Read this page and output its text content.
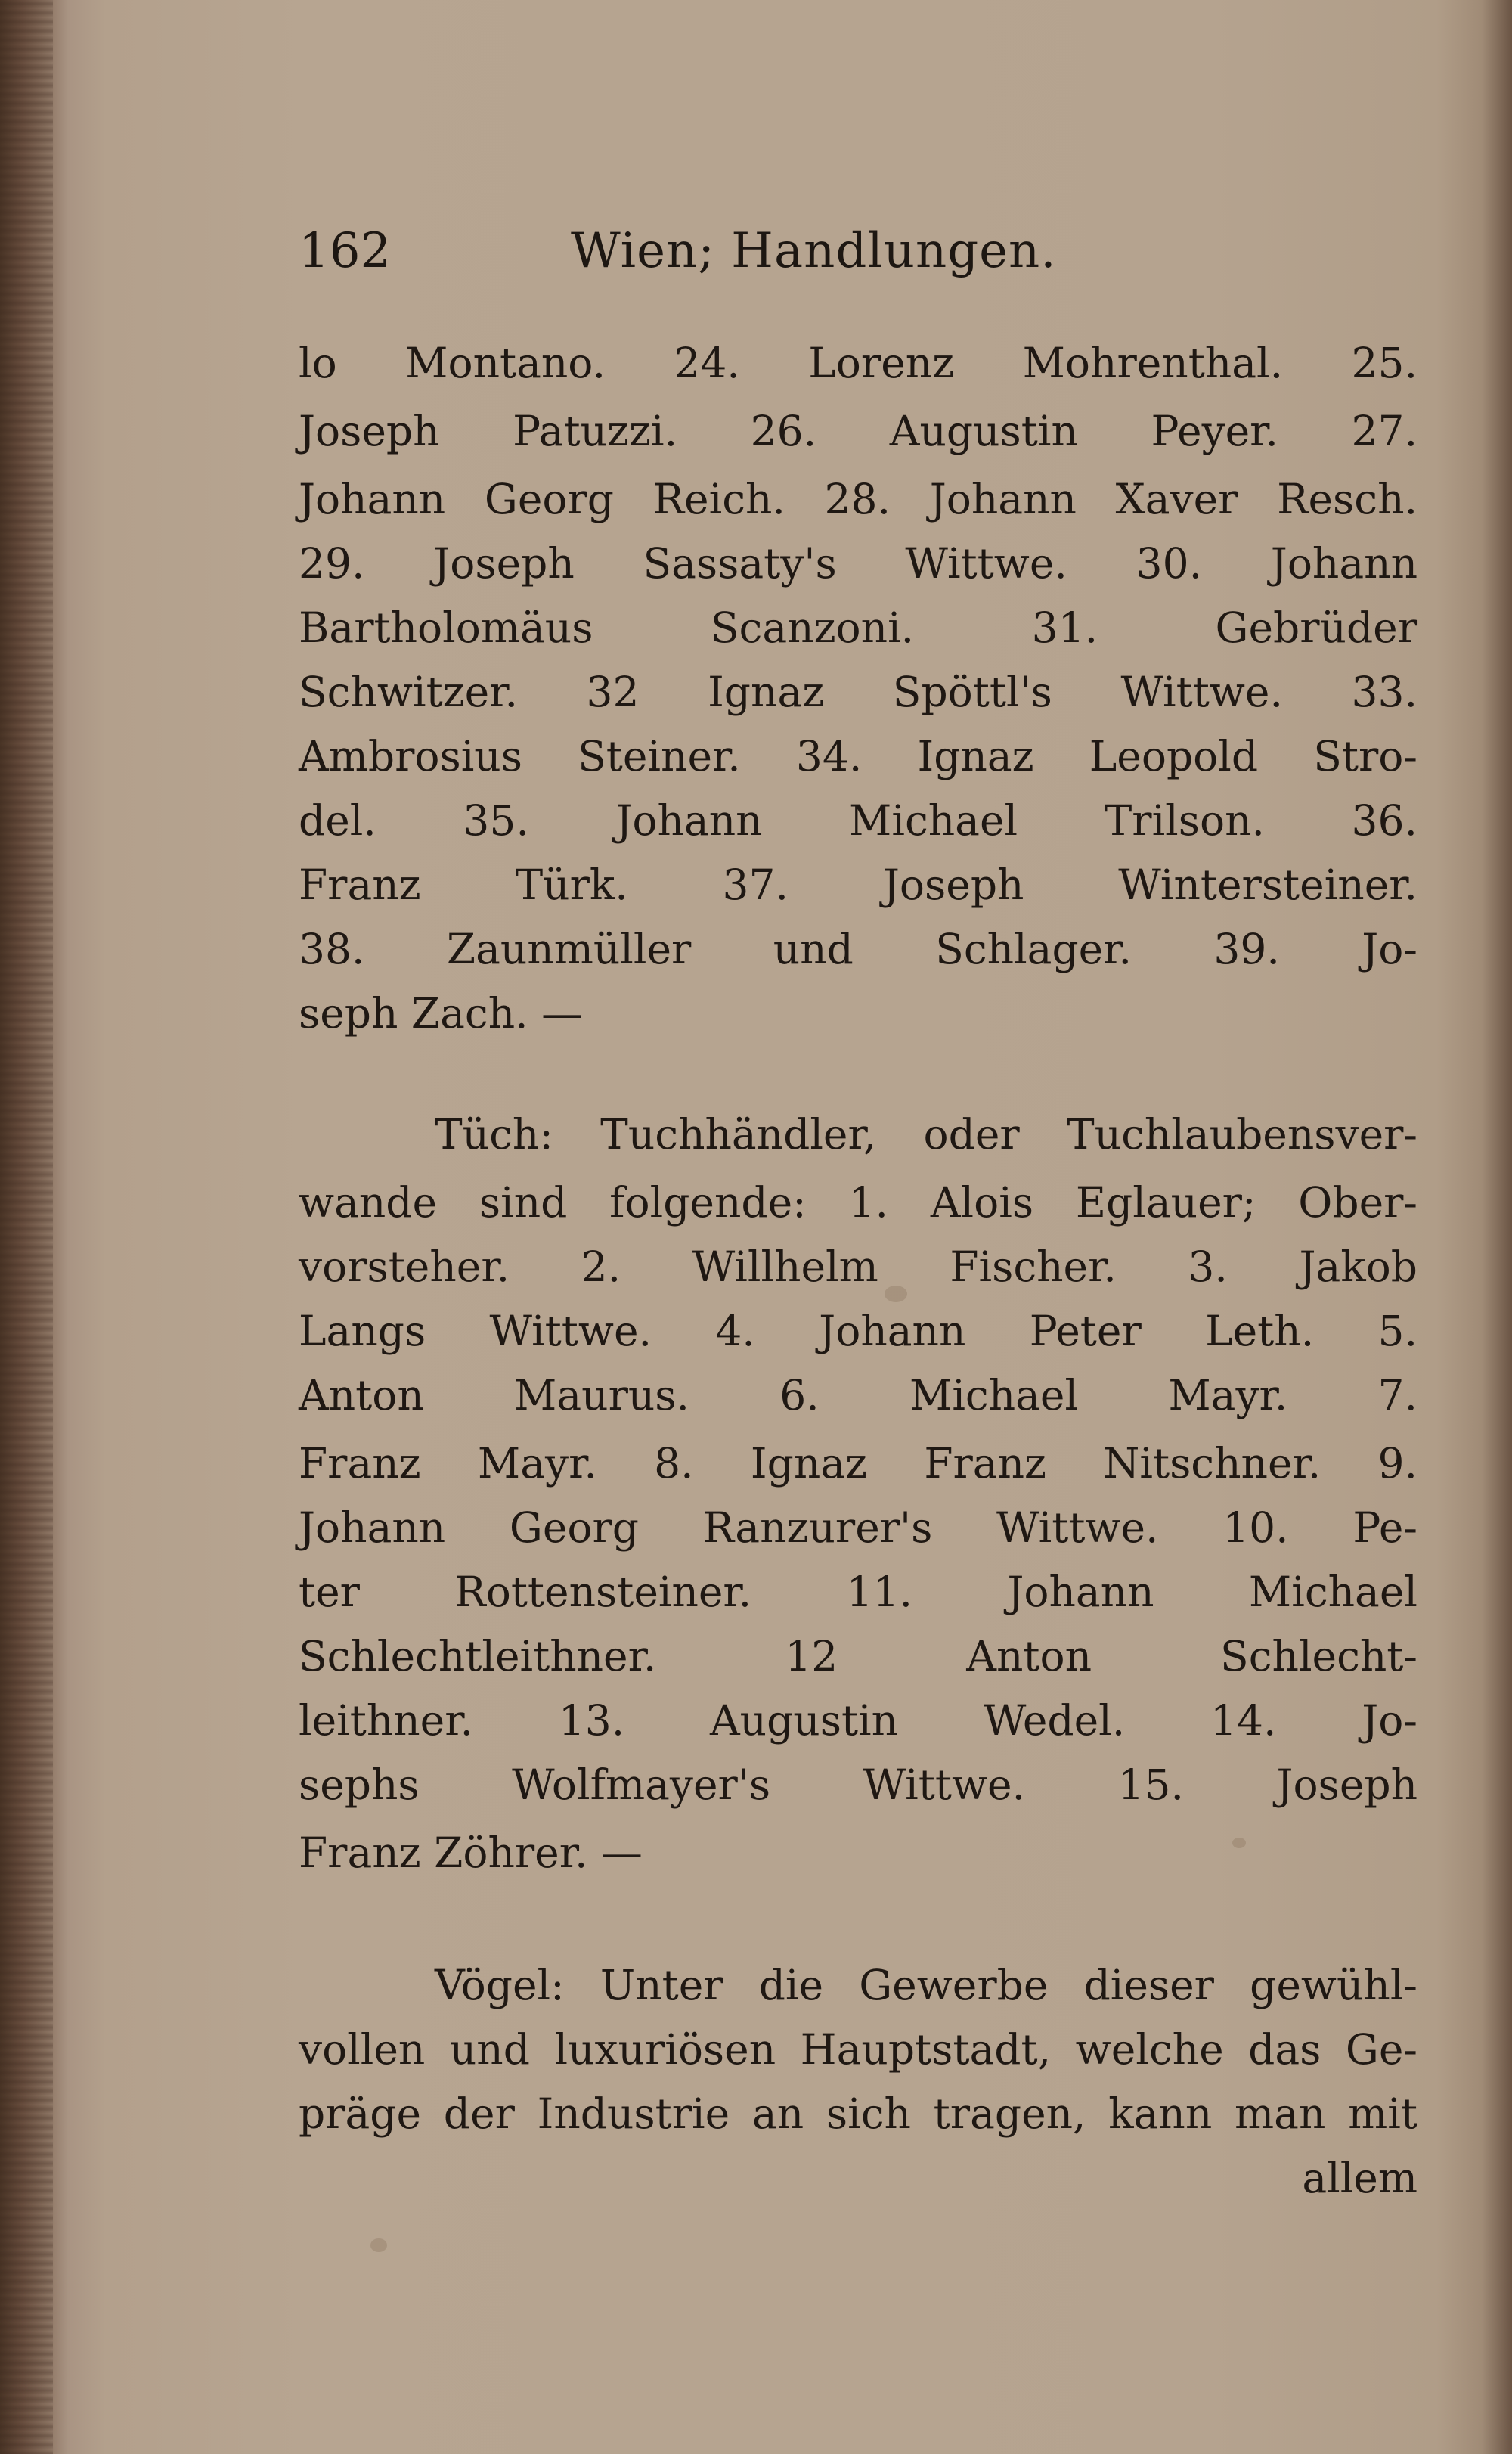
162	Wien; Handlungen.
lo Montano. 24. Lorenz Mohrenthal. 25.
Joseph Patuzzi. 26. Augustin Peyer. 27.
Johann Georg Reich. 28. Johann Xaver Resch.
29. Joseph Sassaty's Wittwe. 30. Johann
Bartholomäus Scanzoni. 31. Gebrüder
Schwitzer. 32 Ignaz Spöttl's Wittwe. 33.
Ambrosius Steiner. 34. Ignaz Leopold Stro-
del. 35. Johann Michael Trilson. 36.
Franz Türk. 37. Joseph Wintersteiner.
38. Zaunmüller und Schlager. 39. Jo-
seph Zach. —
Tüch: Tuchhändler, oder Tuchlaubensver-
wande sind folgende: 1. Alois Eglauer; Ober-
vorsteher. 2. Willhelm Fischer. 3. Jakob
Langs Wittwe. 4. Johann Peter Leth. 5.
Anton Maurus. 6. Michael Mayr. 7.
Franz Mayr. 8. Ignaz Franz Nitschner. 9.
Johann Georg Ranzurer's Wittwe. 10. Pe-
ter Rottensteiner. 11. Johann Michael
Schlechtleithner. 12 Anton Schlecht-
leithner. 13. Augustin Wedel. 14. Jo-
sephs Wolfmayer's Wittwe. 15. Joseph
Franz Zöhrer. —
Vögel: Unter die Gewerbe dieser gewühl-
vollen und luxuriösen Hauptstadt, welche das Ge-
präge der Industrie an sich tragen, kann man mit
allem
